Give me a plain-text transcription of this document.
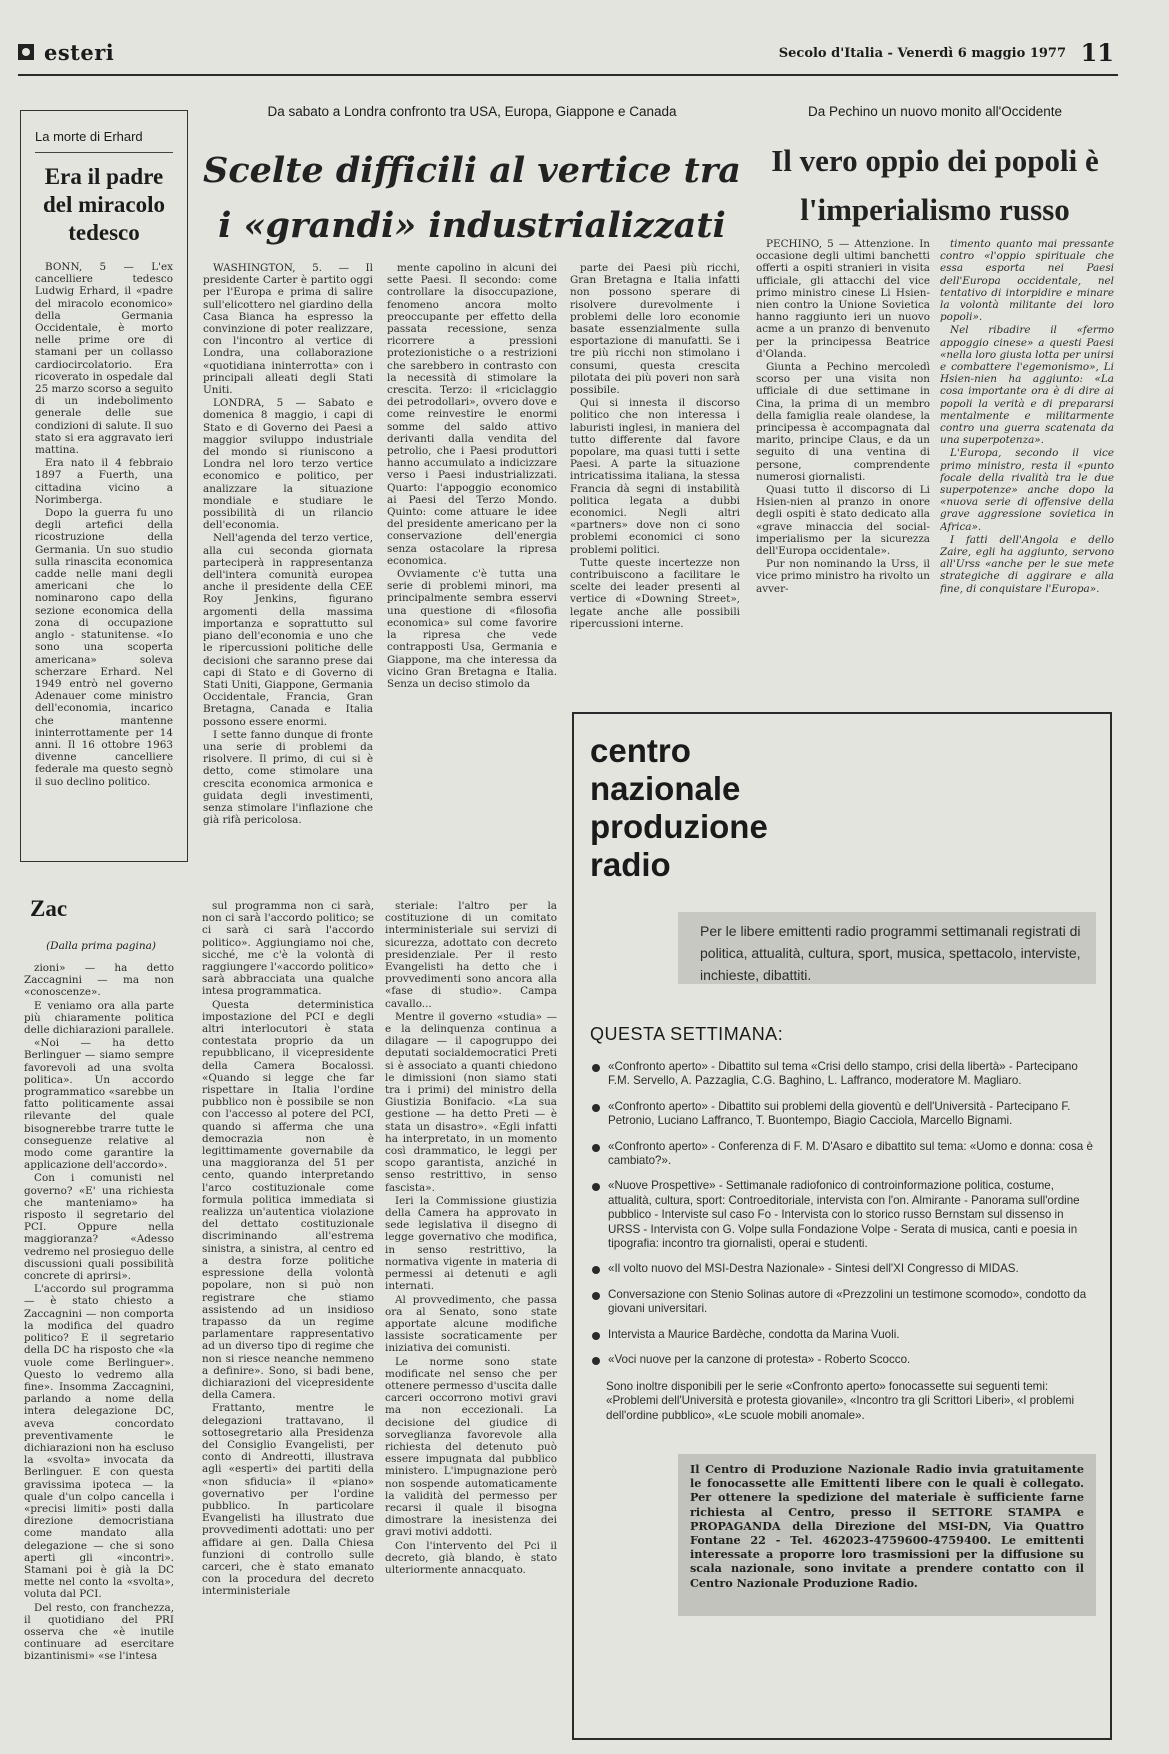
esteri	Secolo d'Italia - Venerdì 6 maggio 1977 11
La morte di Erhard
Era il padre del miracolo tedesco

BONN, 5 — L'ex cancelliere tedesco Ludwig Erhard, il «padre del miracolo economico» della Germania Occidentale, è morto nelle prime ore di stamani per un collasso cardiocircolatorio. Era ricoverato in ospedale dal 25 marzo scorso a seguito di un indebolimento generale delle sue condizioni di salute. Il suo stato si era aggravato ieri mattina.

Era nato il 4 febbraio 1897 a Fuerth, una cittadina vicino a Norimberga.

Dopo la guerra fu uno degli artefici della ricostruzione della Germania. Un suo studio sulla rinascita economica cadde nelle mani degli americani che lo nominarono capo della sezione economica della zona di occupazione anglo - statunitense. «Io sono una scoperta americana» soleva scherzare Erhard. Nel 1949 entrò nel governo Adenauer come ministro dell'economia, incarico che mantenne ininterrottamente per 14 anni. Il 16 ottobre 1963 divenne cancelliere federale ma questo segnò il suo declino politico.

Da sabato a Londra confronto tra USA, Europa, Giappone e Canada
Scelte difficili al vertice tra i «grandi» industrializzati

WASHINGTON, 5. — Il presidente Carter è partito oggi per l'Europa e prima di salire sull'elicottero nel giardino della Casa Bianca ha espresso la convinzione di poter realizzare, con l'incontro al vertice di Londra, una collaborazione «quotidiana ininterrotta» con i principali alleati degli Stati Uniti.

LONDRA, 5 — Sabato e domenica 8 maggio, i capi di Stato e di Governo dei Paesi a maggior sviluppo industriale del mondo si riuniscono a Londra nel loro terzo vertice economico e politico, per analizzare la situazione mondiale e studiare le possibilità di un rilancio dell'economia.

Nell'agenda del terzo vertice, alla cui seconda giornata parteciperà in rappresentanza dell'intera comunità europea anche il presidente della CEE Roy Jenkins, figurano argomenti della massima importanza e soprattutto sul piano dell'economia e uno che le ripercussioni politiche delle decisioni che saranno prese dai capi di Stato e di Governo di Stati Uniti, Giappone, Germania Occidentale, Francia, Gran Bretagna, Canada e Italia possono essere enormi.

I sette fanno dunque di fronte una serie di problemi da risolvere. Il primo, di cui si è detto, come stimolare una crescita economica armonica e guidata degli investimenti, senza stimolare l'inflazione che già rifà pericolosa.

mente capolino in alcuni dei sette Paesi. Il secondo: come controllare la disoccupazione, fenomeno ancora molto preoccupante per effetto della passata recessione, senza ricorrere a pressioni protezionistiche o a restrizioni che sarebbero in contrasto con la necessità di stimolare la crescita. Terzo: il «riciclaggio dei petrodollari», ovvero dove e come reinvestire le enormi somme del saldo attivo derivanti dalla vendita del petrolio, che i Paesi produttori hanno accumulato a indicizzare verso i Paesi industrializzati. Quarto: l'appoggio economico ai Paesi del Terzo Mondo. Quinto: come attuare le idee del presidente americano per la conservazione dell'energia senza ostacolare la ripresa economica.

Ovviamente c'è tutta una serie di problemi minori, ma principalmente sembra esservi una questione di «filosofia economica» sul come favorire la ripresa che vede contrapposti Usa, Germania e Giappone, ma che interessa da vicino Gran Bretagna e Italia. Senza un deciso stimolo da

parte dei Paesi più ricchi, Gran Bretagna e Italia infatti non possono sperare di risolvere durevolmente i problemi delle loro economie basate essenzialmente sulla esportazione di manufatti. Se i tre più ricchi non stimolano i consumi, questa crescita pilotata dei più poveri non sarà possibile.

Qui si innesta il discorso politico che non interessa i laburisti inglesi, in maniera del tutto differente dal favore popolare, ma quasi tutti i sette Paesi. A parte la situazione intricatissima italiana, la stessa Francia dà segni di instabilità politica legata a dubbi economici. Negli altri «partners» dove non ci sono problemi economici ci sono problemi politici.

Tutte queste incertezze non contribuiscono a facilitare le scelte dei leader presenti al vertice di «Downing Street», legate anche alle possibili ripercussioni interne.

Da Pechino un nuovo monito all'Occidente
Il vero oppio dei popoli è l'imperialismo russo

PECHINO, 5 — Attenzione. In occasione degli ultimi banchetti offerti a ospiti stranieri in visita ufficiale, gli attacchi del vice primo ministro cinese Li Hsien-nien contro la Unione Sovietica hanno raggiunto ieri un nuovo acme a un pranzo di benvenuto per la principessa Beatrice d'Olanda.

Giunta a Pechino mercoledì scorso per una visita non ufficiale di due settimane in Cina, la prima di un membro della famiglia reale olandese, la principessa è accompagnata dal marito, principe Claus, e da un seguito di una ventina di persone, comprendente numerosi giornalisti.

Quasi tutto il discorso di Li Hsien-nien al pranzo in onore degli ospiti è stato dedicato alla «grave minaccia del social-imperialismo per la sicurezza dell'Europa occidentale».

Pur non nominando la Urss, il vice primo ministro ha rivolto un avver-

timento quanto mai pressante contro «l'oppio spirituale che essa esporta nei Paesi dell'Europa occidentale, nel tentativo di intorpidire e minare la volontà militante dei loro popoli».

Nel ribadire il «fermo appoggio cinese» a questi Paesi «nella loro giusta lotta per unirsi e combattere l'egemonismo», Li Hsien-nien ha aggiunto: «La cosa importante ora è di dire ai popoli la verità e di prepararsi mentalmente e militarmente contro una guerra scatenata da una superpotenza».

L'Europa, secondo il vice primo ministro, resta il «punto focale della rivalità tra le due superpotenze» anche dopo la «nuova serie di offensive della grave aggressione sovietica in Africa».

I fatti dell'Angola e dello Zaire, egli ha aggiunto, servono all'Urss «anche per le sue mete strategiche di aggirare e alla fine, di conquistare l'Europa».

Zac
(Dalla prima pagina)

zioni» — ha detto Zaccagnini — ma non «conoscenze».

E veniamo ora alla parte più chiaramente politica delle dichiarazioni parallele.

«Noi — ha detto Berlinguer — siamo sempre favorevoli ad una svolta politica». Un accordo programmatico «sarebbe un fatto politicamente assai rilevante del quale bisognerebbe trarre tutte le conseguenze relative al modo come garantire la applicazione dell'accordo».

Con i comunisti nel governo? «E' una richiesta che manteniamo» ha risposto il segretario del PCI. Oppure nella maggioranza? «Adesso vedremo nel prosieguo delle discussioni quali possibilità concrete di aprirsi».

L'accordo sul programma — è stato chiesto a Zaccagnini — non comporta la modifica del quadro politico? E il segretario della DC ha risposto che «la vuole come Berlinguer». Questo lo vedremo alla fine». Insomma Zaccagnini, parlando a nome della intera delegazione DC, aveva concordato preventivamente le dichiarazioni non ha escluso la «svolta» invocata da Berlinguer. E con questa gravissima ipoteca — la quale d'un colpo cancella i «precisi limiti» posti dalla direzione democristiana come mandato alla delegazione — che si sono aperti gli «incontri». Stamani poi è già la DC mette nel conto la «svolta», voluta dal PCI.

Del resto, con franchezza, il quotidiano del PRI osserva che «è inutile continuare ad esercitare bizantinismi» «se l'intesa

sul programma non ci sarà, non ci sarà l'accordo politico; se ci sarà ci sarà l'accordo politico». Aggiungiamo noi che, sicché, me c'è la volontà di raggiungere l'«accordo politico» sarà abbracciata una qualche intesa programmatica.

Questa deterministica impostazione del PCI e degli altri interlocutori è stata contestata proprio da un repubblicano, il vicepresidente della Camera Bocalossi. «Quando si legge che far rispettare in Italia l'ordine pubblico non è possibile se non con l'accesso al potere del PCI, quando si afferma che una democrazia non è legittimamente governabile da una maggioranza del 51 per cento, quando interpretando l'arco costituzionale come formula politica immediata si realizza un'autentica violazione del dettato costituzionale discriminando all'estrema sinistra, a sinistra, al centro ed a destra forze politiche espressione della volontà popolare, non si può non registrare che stiamo assistendo ad un insidioso trapasso da un regime parlamentare rappresentativo ad un diverso tipo di regime che non si riesce neanche nemmeno a definire». Sono, si badi bene, dichiarazioni del vicepresidente della Camera.

Frattanto, mentre le delegazioni trattavano, il sottosegretario alla Presidenza del Consiglio Evangelisti, per conto di Andreotti, illustrava agli «esperti» dei partiti della «non sfiducia» il «piano» governativo per l'ordine pubblico. In particolare Evangelisti ha illustrato due provvedimenti adottati: uno per affidare ai gen. Dalla Chiesa funzioni di controllo sulle carceri, che è stato emanato con la procedura del decreto interministeriale

steriale: l'altro per la costituzione di un comitato interministeriale sui servizi di sicurezza, adottato con decreto presidenziale. Per il resto Evangelisti ha detto che i provvedimenti sono ancora alla «fase di studio». Campa cavallo...

Mentre il governo «studia» — e la delinquenza continua a dilagare — il capogruppo dei deputati socialdemocratici Preti si è associato a quanti chiedono le dimissioni (non siamo stati tra i primi) del ministro della Giustizia Bonifacio. «La sua gestione — ha detto Preti — è stata un disastro». «Egli infatti ha interpretato, in un momento così drammatico, le leggi per scopo garantista, anziché in senso restrittivo, in senso fascista».

Ieri la Commissione giustizia della Camera ha approvato in sede legislativa il disegno di legge governativo che modifica, in senso restrittivo, la normativa vigente in materia di permessi ai detenuti e agli internati.

Al provvedimento, che passa ora al Senato, sono state apportate alcune modifiche lassiste socraticamente per iniziativa dei comunisti.

Le norme sono state modificate nel senso che per ottenere permesso d'uscita dalle carceri occorrono motivi gravi ma non eccezionali. La decisione del giudice di sorveglianza favorevole alla richiesta del detenuto può essere impugnata dal pubblico ministero. L'impugnazione però non sospende automaticamente la validità del permesso per recarsi il quale il bisogna dimostrare la inesistenza dei gravi motivi addotti.

Con l'intervento del Pci il decreto, già blando, è stato ulteriormente annacquato.

centro
nazionale
produzione
radio
Per le libere emittenti radio programmi settimanali registrati di politica, attualità, cultura, sport, musica, spettacolo, interviste, inchieste, dibattiti.
QUESTA SETTIMANA:
«Confronto aperto» - Dibattito sul tema «Crisi dello stampo, crisi della libertà» - Partecipano F.M. Servello, A. Pazzaglia, C.G. Baghino, L. Laffranco, moderatore M. Magliaro.
«Confronto aperto» - Dibattito sui problemi della gioventù e dell'Università - Partecipano F. Petronio, Luciano Laffranco, T. Buontempo, Biagio Cacciola, Marcello Bignami.
«Confronto aperto» - Conferenza di F. M. D'Asaro e dibattito sul tema: «Uomo e donna: cosa è cambiato?».
«Nuove Prospettive» - Settimanale radiofonico di controinformazione politica, costume, attualità, cultura, sport: Controeditoriale, intervista con l'on. Almirante - Panorama sull'ordine pubblico - Interviste sul caso Fo - Intervista con lo storico russo Bernstam sul dissenso in URSS - Intervista con G. Volpe sulla Fondazione Volpe - Serata di musica, canti e poesia in tipografia: incontro tra giornalisti, operai e studenti.
«Il volto nuovo del MSI-Destra Nazionale» - Sintesi dell'XI Congresso di MIDAS.
Conversazione con Stenio Solinas autore di «Prezzolini un testimone scomodo», condotto da giovani universitari.
Intervista a Maurice Bardèche, condotta da Marina Vuoli.
«Voci nuove per la canzone di protesta» - Roberto Scocco.
Sono inoltre disponibili per le serie «Confronto aperto» fonocassette sui seguenti temi: «Problemi dell'Università e protesta giovanile», «Incontro tra gli Scrittori Liberi», «I problemi dell'ordine pubblico», «Le scuole mobili anomale».
Il Centro di Produzione Nazionale Radio invia gratuitamente le fonocassette alle Emittenti libere con le quali è collegato. Per ottenere la spedizione del materiale è sufficiente farne richiesta al Centro, presso il SETTORE STAMPA e PROPAGANDA della Direzione del MSI-DN, Via Quattro Fontane 22 - Tel. 462023-4759600-4759400. Le emittenti interessate a proporre loro trasmissioni per la diffusione su scala nazionale, sono invitate a prendere contatto con il Centro Nazionale Produzione Radio.
